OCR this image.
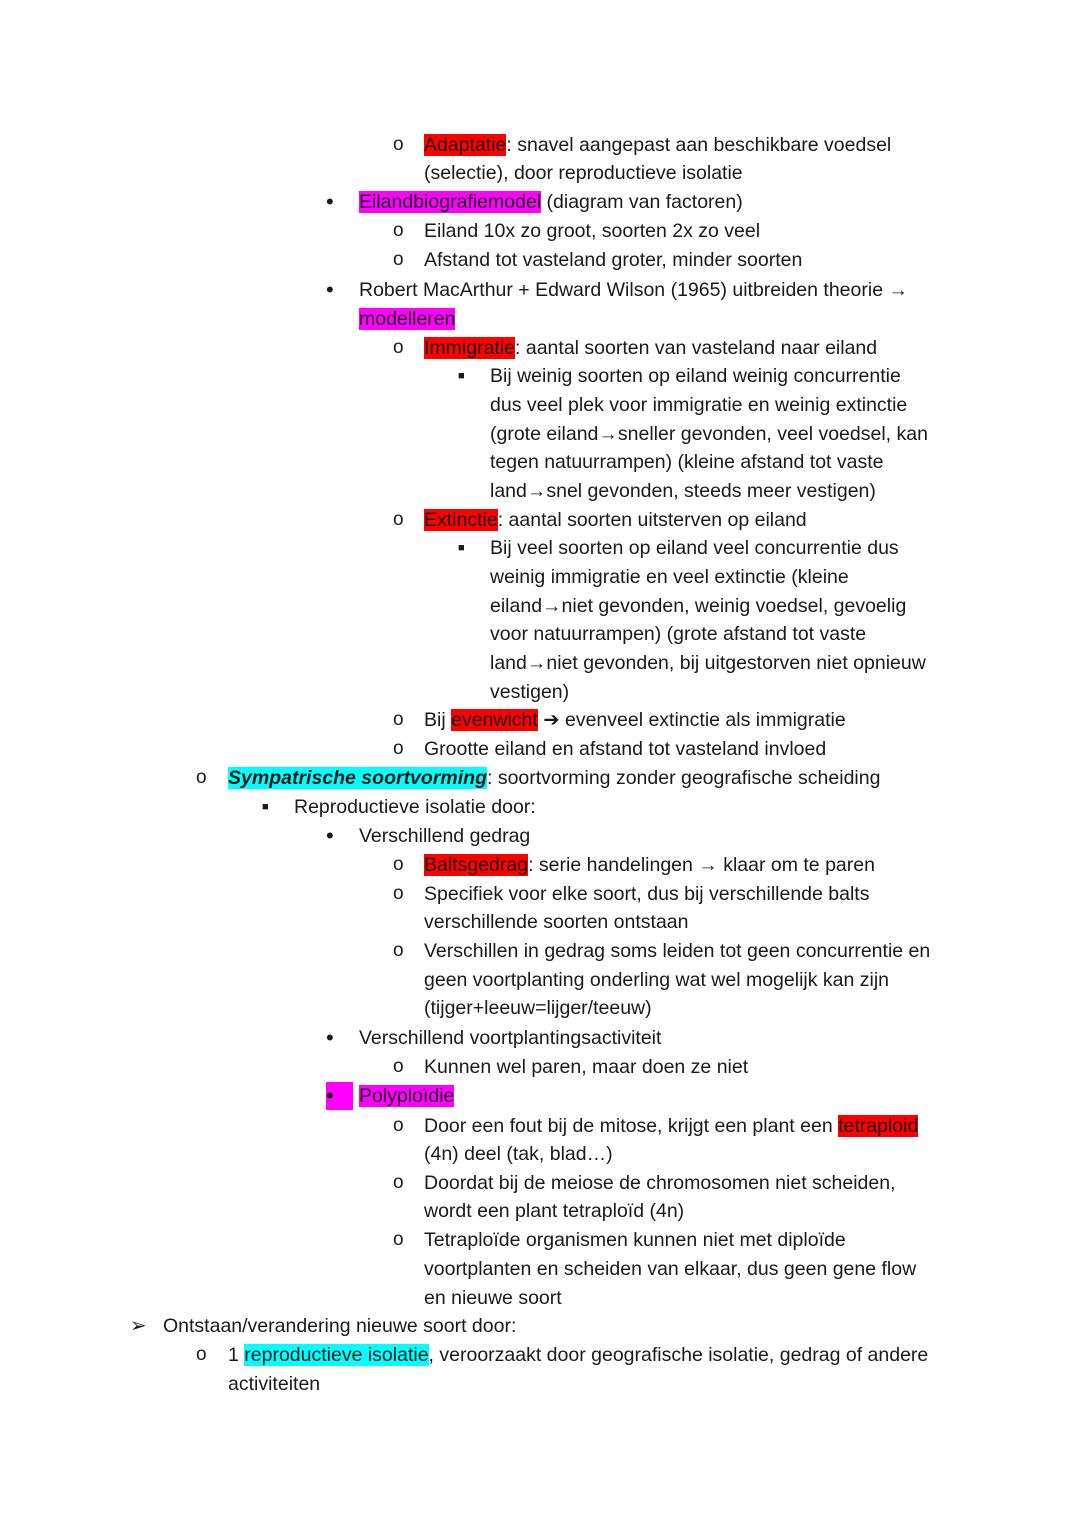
o Adaptatie: snavel aangepast aan beschikbare voedsel
(selectie), door reproductieve isolatie
• Eilandbiografiemodel (diagram van factoren)
o Eiland 10x zo groot, soorten 2x zo veel
o Afstand tot vasteland groter, minder soorten
• Robert MacArthur + Edward Wilson (1965) uitbreiden theorie →
modelleren
o Immigratie: aantal soorten van vasteland naar eiland
■ Bij weinig soorten op eiland weinig concurrentie
dus veel plek voor immigratie en weinig extinctie
(grote eiland→sneller gevonden, veel voedsel, kan
tegen natuurrampen) (kleine afstand tot vaste
land→snel gevonden, steeds meer vestigen)
o Extinctie: aantal soorten uitsterven op eiland
■ Bij veel soorten op eiland veel concurrentie dus
weinig immigratie en veel extinctie (kleine
eiland→niet gevonden, weinig voedsel, gevoelig
voor natuurrampen) (grote afstand tot vaste
land→niet gevonden, bij uitgestorven niet opnieuw
vestigen)
o Bij evenwicht ➔ evenveel extinctie als immigratie
o Grootte eiland en afstand tot vasteland invloed
o Sympatrische soortvorming: soortvorming zonder geografische scheiding
■ Reproductieve isolatie door:
• Verschillend gedrag
o Baltsgedrag: serie handelingen → klaar om te paren
o Specifiek voor elke soort, dus bij verschillende balts
verschillende soorten ontstaan
o Verschillen in gedrag soms leiden tot geen concurrentie en
geen voortplanting onderling wat wel mogelijk kan zijn
(tijger+leeuw=lijger/teeuw)
• Verschillend voortplantingsactiviteit
o Kunnen wel paren, maar doen ze niet
•	Polyploïdie
o Door een fout bij de mitose, krijgt een plant een tetraploid
(4n) deel (tak, blad…)
o Doordat bij de meiose de chromosomen niet scheiden,
wordt een plant tetraploïd (4n)
o Tetraploïde organismen kunnen niet met diploïde
voortplanten en scheiden van elkaar, dus geen gene flow
en nieuwe soort
➢ Ontstaan/verandering nieuwe soort door:
o 1 reproductieve isolatie, veroorzaakt door geografische isolatie, gedrag of andere
activiteiten
